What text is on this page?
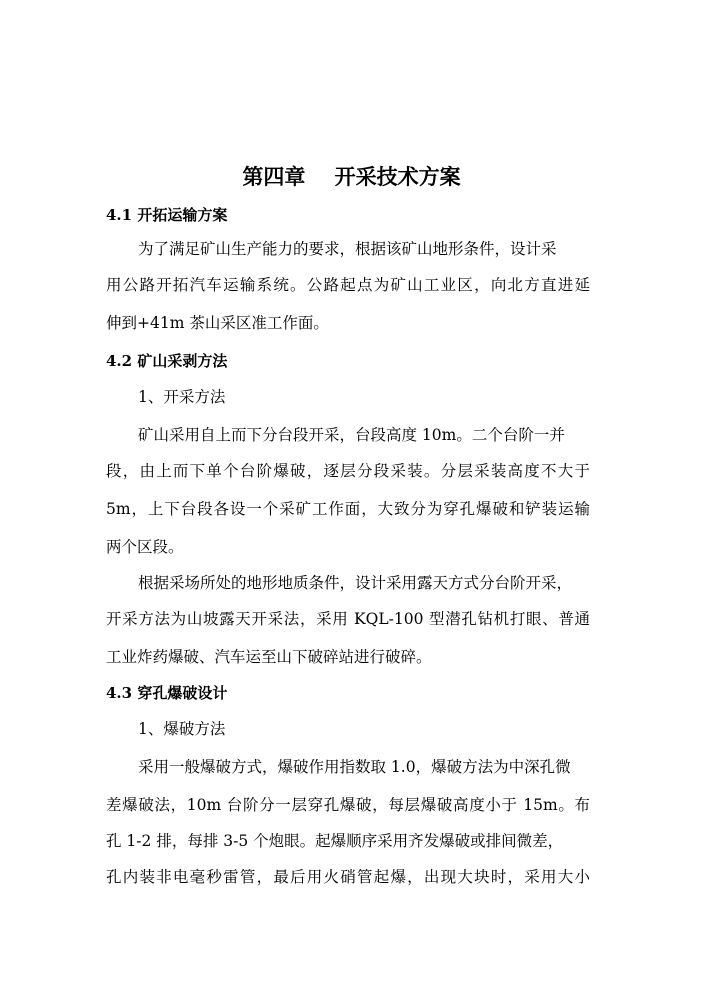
第四章    开采技术方案
4.1 开拓运输方案
为了满足矿山生产能力的要求，根据该矿山地形条件，设计采
用公路开拓汽车运输系统。公路起点为矿山工业区，向北方直进延
伸到+41m 茶山采区准工作面。
4.2 矿山采剥方法
1、开采方法
矿山采用自上而下分台段开采，台段高度 10m。二个台阶一并
段，由上而下单个台阶爆破，逐层分段采装。分层采装高度不大于
5m，上下台段各设一个采矿工作面，大致分为穿孔爆破和铲装运输
两个区段。
根据采场所处的地形地质条件，设计采用露天方式分台阶开采，
开采方法为山坡露天开采法，采用 KQL-100 型潜孔钻机打眼、普通
工业炸药爆破、汽车运至山下破碎站进行破碎。
4.3 穿孔爆破设计
1、爆破方法
采用一般爆破方式，爆破作用指数取 1.0，爆破方法为中深孔微
差爆破法，10m 台阶分一层穿孔爆破，每层爆破高度小于 15m。布
孔 1-2 排，每排 3-5 个炮眼。起爆顺序采用齐发爆破或排间微差，
孔内装非电毫秒雷管，最后用火硝管起爆，出现大块时，采用大小
